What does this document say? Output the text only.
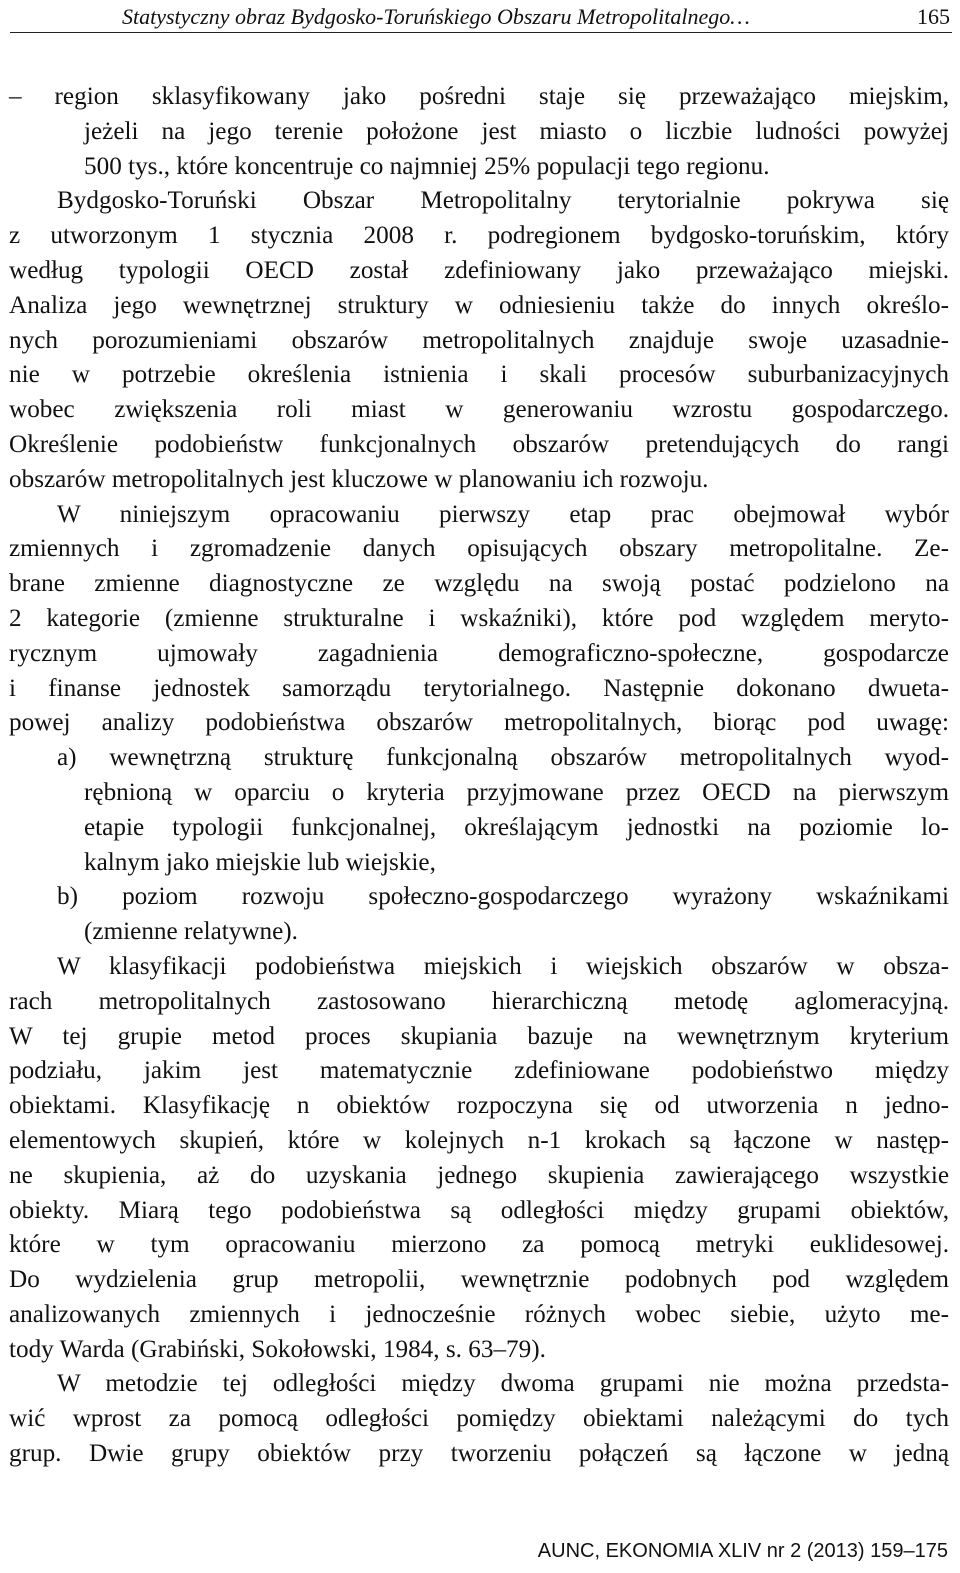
Statystyczny obraz Bydgosko-Toruńskiego Obszaru Metropolitalnego…	165
– region sklasyfikowany jako pośredni staje się przeważająco miejskim,
jeżeli na jego terenie położone jest miasto o liczbie ludności powyżej
500 tys., które koncentruje co najmniej 25% populacji tego regionu.
Bydgosko-Toruński Obszar Metropolitalny terytorialnie pokrywa się
z utworzonym 1 stycznia 2008 r. podregionem bydgosko-toruńskim, który
według typologii OECD został zdefiniowany jako przeważająco miejski.
Analiza jego wewnętrznej struktury w odniesieniu także do innych określo-
nych porozumieniami obszarów metropolitalnych znajduje swoje uzasadnie-
nie w potrzebie określenia istnienia i skali procesów suburbanizacyjnych
wobec zwiększenia roli miast w generowaniu wzrostu gospodarczego.
Określenie podobieństw funkcjonalnych obszarów pretendujących do rangi
obszarów metropolitalnych jest kluczowe w planowaniu ich rozwoju.
W niniejszym opracowaniu pierwszy etap prac obejmował wybór
zmiennych i zgromadzenie danych opisujących obszary metropolitalne. Ze-
brane zmienne diagnostyczne ze względu na swoją postać podzielono na
2 kategorie (zmienne strukturalne i wskaźniki), które pod względem meryto-
rycznym ujmowały zagadnienia demograficzno-społeczne, gospodarcze
i finanse jednostek samorządu terytorialnego. Następnie dokonano dwueta-
powej analizy podobieństwa obszarów metropolitalnych, biorąc pod uwagę:
a) wewnętrzną strukturę funkcjonalną obszarów metropolitalnych wyod-
rębnioną w oparciu o kryteria przyjmowane przez OECD na pierwszym
etapie typologii funkcjonalnej, określającym jednostki na poziomie lo-
kalnym jako miejskie lub wiejskie,
b) poziom rozwoju społeczno-gospodarczego wyrażony wskaźnikami
(zmienne relatywne).
W klasyfikacji podobieństwa miejskich i wiejskich obszarów w obsza-
rach metropolitalnych zastosowano hierarchiczną metodę aglomeracyjną.
W tej grupie metod proces skupiania bazuje na wewnętrznym kryterium
podziału, jakim jest matematycznie zdefiniowane podobieństwo między
obiektami. Klasyfikację n obiektów rozpoczyna się od utworzenia n jedno-
elementowych skupień, które w kolejnych n-1 krokach są łączone w następ-
ne skupienia, aż do uzyskania jednego skupienia zawierającego wszystkie
obiekty. Miarą tego podobieństwa są odległości między grupami obiektów,
które w tym opracowaniu mierzono za pomocą metryki euklidesowej.
Do wydzielenia grup metropolii, wewnętrznie podobnych pod względem
analizowanych zmiennych i jednocześnie różnych wobec siebie, użyto me-
tody Warda (Grabiński, Sokołowski, 1984, s. 63–79).
W metodzie tej odległości między dwoma grupami nie można przedsta-
wić wprost za pomocą odległości pomiędzy obiektami należącymi do tych
grup. Dwie grupy obiektów przy tworzeniu połączeń są łączone w jedną
AUNC, EKONOMIA XLIV nr 2 (2013) 159–175
